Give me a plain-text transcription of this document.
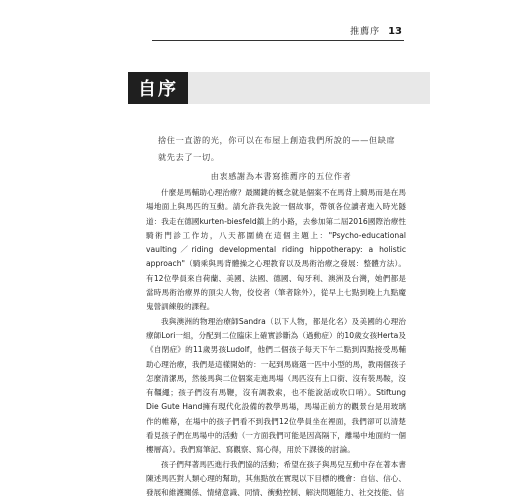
推薦序 13
自序
捨住一直游的光，你可以在布屋上創造我們所說的——但缺席就先去了一切。
由衷感謝為本書寫推薦序的五位作者

什麼是馬輔助心理治療？最關鍵的概念就是個案不在馬背上騎馬而是在馬場地面上與馬匹的互動。請允許我先說一個故事，帶領各位讀者進入時光隧道：我走在德國kurten-biesfeld鎮上的小路，去參加第二屆2016國際治療性騎術門診工作坊，八天都圍繞在這個主題上："Psycho-educational vaulting／riding developmental riding hippotherapy: a holistic approach"（騎乘與馬背體操之心理教育以及馬術治療之發展：整體方法）。有12位學員來自荷蘭、美國、法國、德國、匈牙利、澳洲及台灣，她們都是當時馬術治療界的頂尖人物，佼佼者（筆者除外），從早上七點到晚上九點魔鬼營訓練般的課程。

我與澳洲的物理治療師Sandra（以下人物，都是化名）及美國的心理治療師Lori一組，分配到二位臨床上確實診斷為（過動症）的10歲女孩Herta及《自閉症》的11歲男孩Ludolf，他們二個孩子每天下午二點到四點接受馬輔助心理治療，我們是這樣開始的：一起到馬廄選一匹中小型的馬，教兩個孩子怎麼清潔馬，然後馬與二位個案走進馬場（馬匹沒有上口銜、沒有裝馬鞍，沒有韁繩；孩子們沒有馬鞭，沒有調教索，也不能說話或吹口哨）。Stiftung Die Gute Hand擁有現代化設備的教學馬場，馬場正前方的觀景台是用玻璃作的帷幕，在場中的孩子們看不到我們12位學員坐在裡面，我們卻可以清楚看見孩子們在馬場中的活動（一方面我們可能是因高隔下，離場中地面約一個樓層高）。我們寫筆記、寫觀察、寫心得，用於下課後的討論。

孩子們拜著馬匹進行我們協的活動；希望在孩子與馬兒互動中存在著本書陳述馬匹對人類心理的幫助，其焦點放在實現以下目標的機會：自信、信心、發展和維護關係、情緒意識、同情、衝動控制、解決問題能力、社交技能、信
